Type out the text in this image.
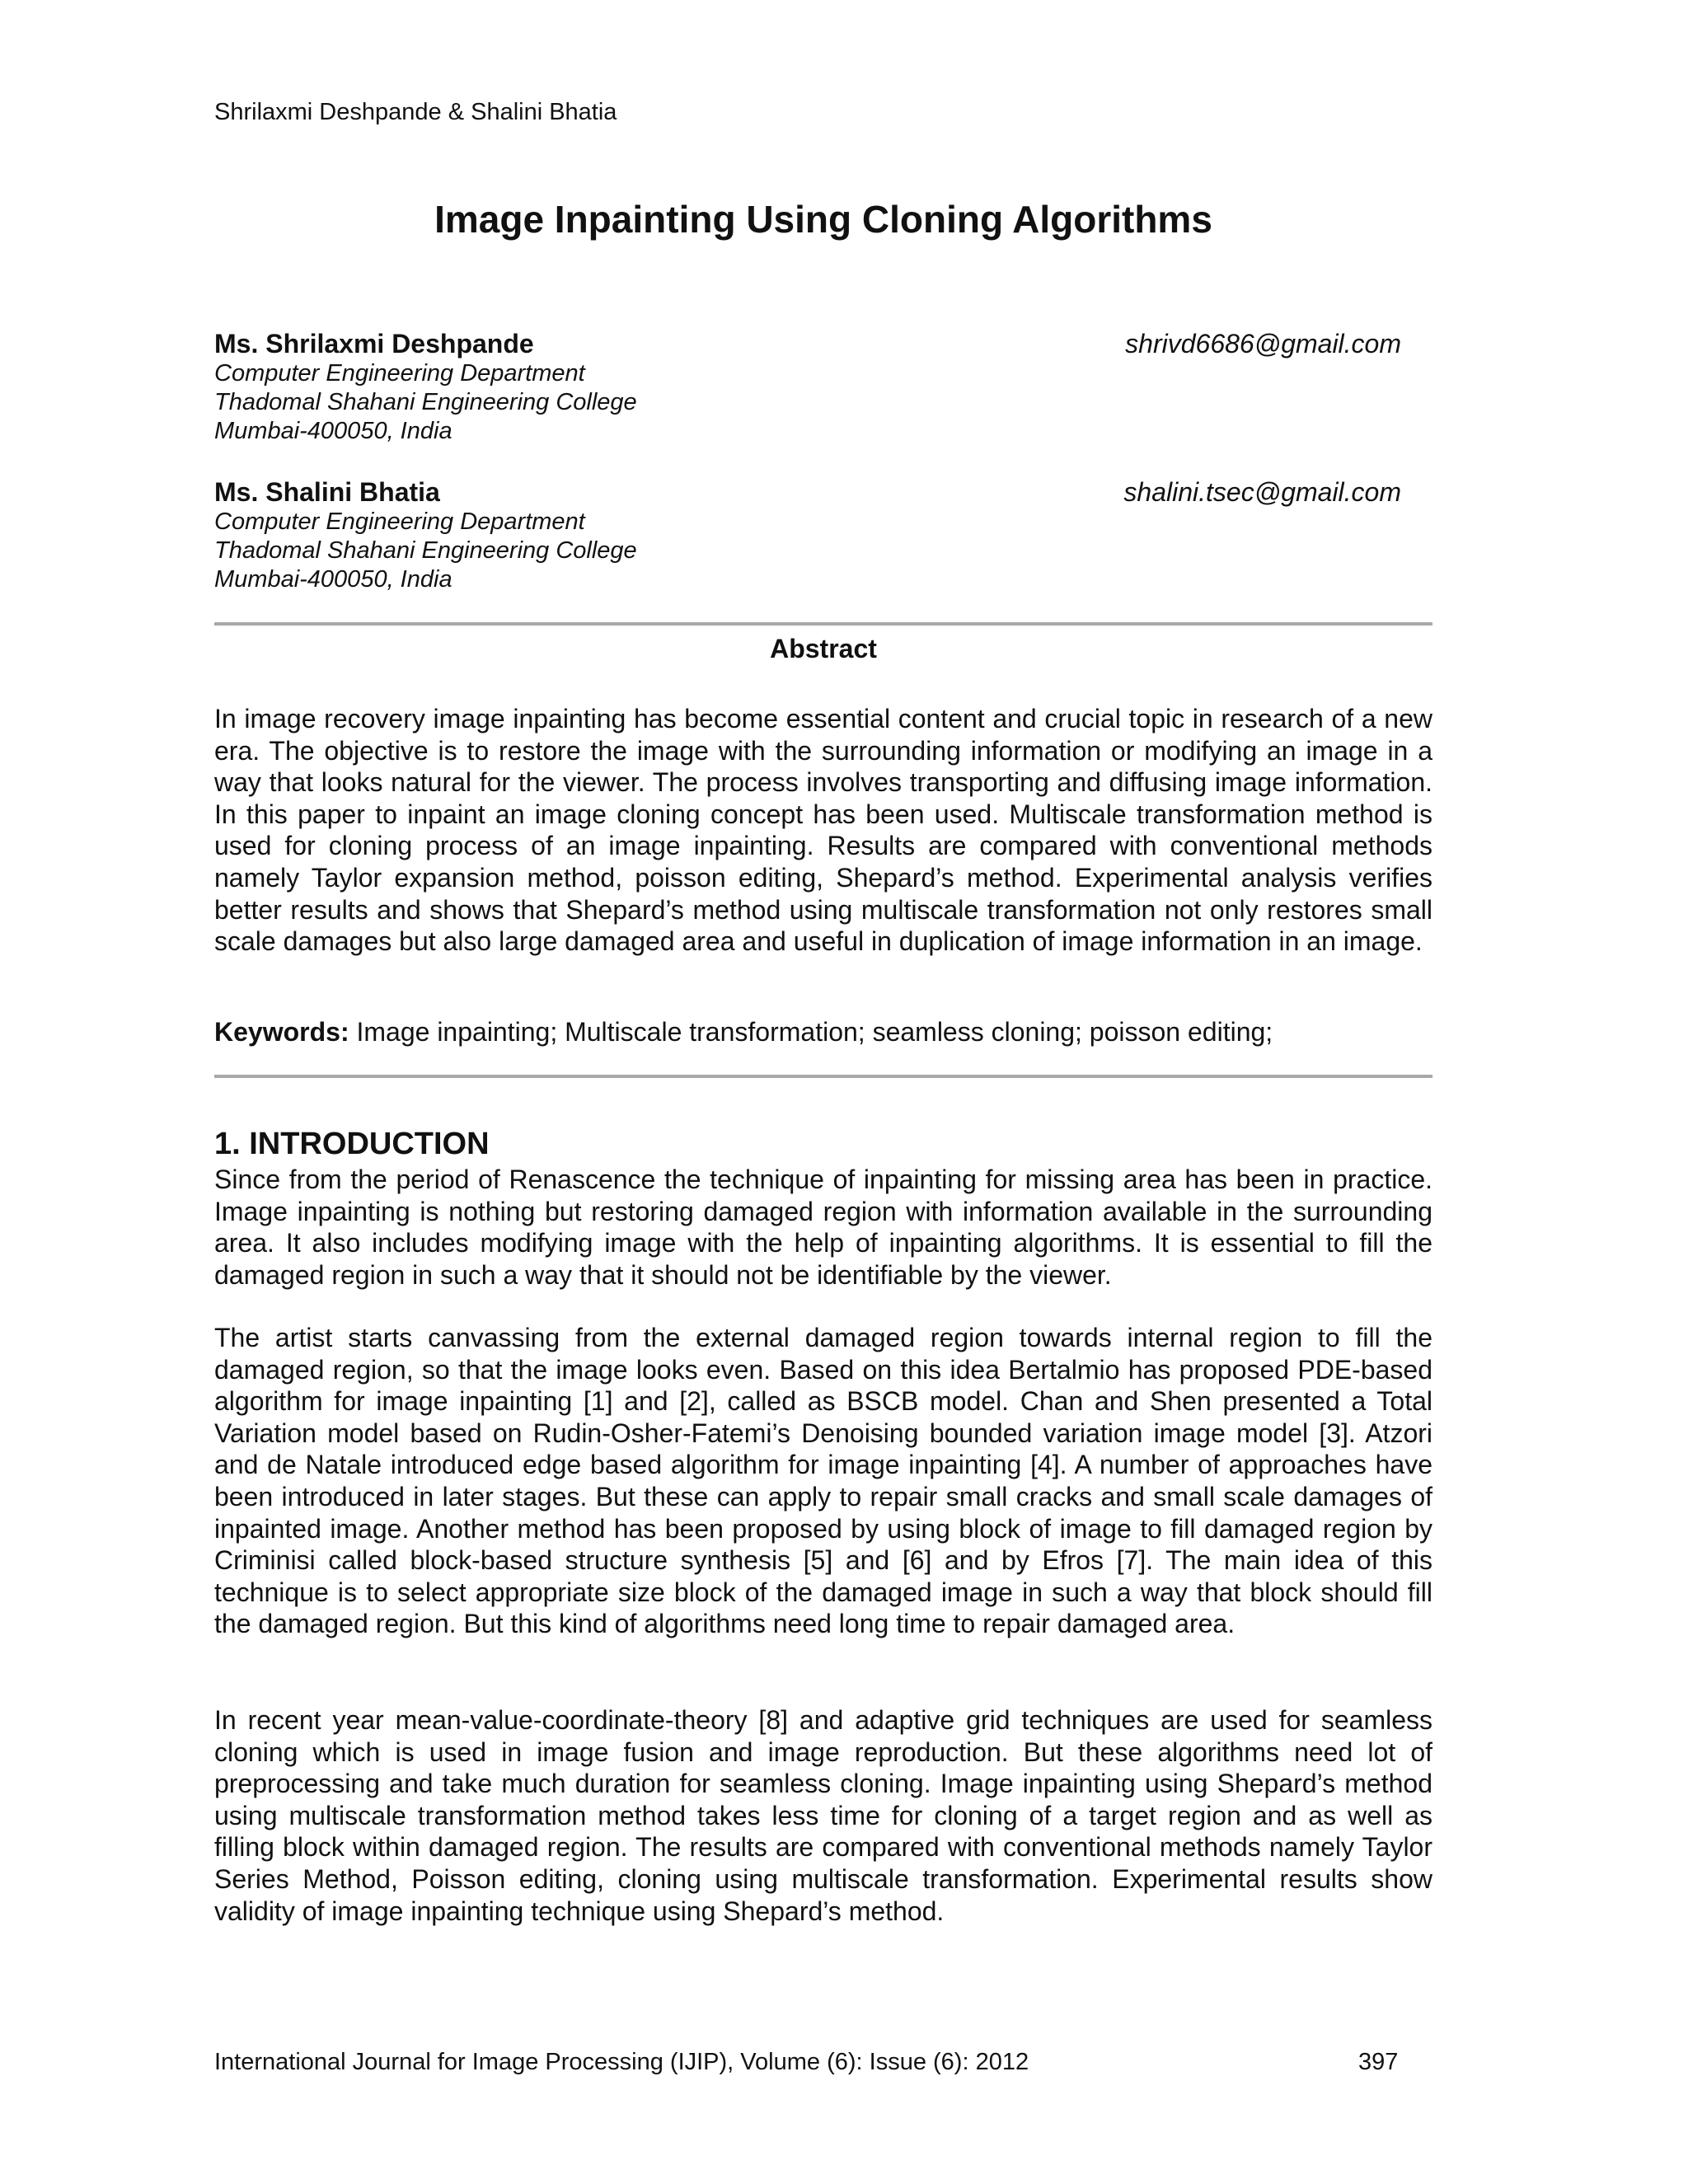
Shrilaxmi Deshpande & Shalini Bhatia
Image Inpainting Using Cloning Algorithms
Ms. Shrilaxmi Deshpande	shrivd6686@gmail.com
Computer Engineering Department
Thadomal Shahani Engineering College
Mumbai-400050, India
Ms. Shalini Bhatia	shalini.tsec@gmail.com
Computer Engineering Department
Thadomal Shahani Engineering College
Mumbai-400050, India
Abstract

In image recovery image inpainting has become essential content and crucial topic in research of a new era. The objective is to restore the image with the surrounding information or modifying an image in a way that looks natural for the viewer. The process involves transporting and diffusing image information. In this paper to inpaint an image cloning concept has been used. Multiscale transformation method is used for cloning process of an image inpainting. Results are compared with conventional methods namely Taylor expansion method, poisson editing, Shepard’s method. Experimental analysis verifies better results and shows that Shepard’s method using multiscale transformation not only restores small scale damages but also large damaged area and useful in duplication of image information in an image.

Keywords: Image inpainting; Multiscale transformation; seamless cloning; poisson editing;

1. INTRODUCTION

Since from the period of Renascence the technique of inpainting for missing area has been in practice. Image inpainting is nothing but restoring damaged region with information available in the surrounding area. It also includes modifying image with the help of inpainting algorithms. It is essential to fill the damaged region in such a way that it should not be identifiable by the viewer.

The artist starts canvassing from the external damaged region towards internal region to fill the damaged region, so that the image looks even. Based on this idea Bertalmio has proposed PDE-based algorithm for image inpainting [1] and [2], called as BSCB model. Chan and Shen presented a Total Variation model based on Rudin-Osher-Fatemi’s Denoising bounded variation image model [3]. Atzori and de Natale introduced edge based algorithm for image inpainting [4]. A number of approaches have been introduced in later stages. But these can apply to repair small cracks and small scale damages of inpainted image. Another method has been proposed by using block of image to fill damaged region by Criminisi called block-based structure synthesis [5] and [6] and by Efros [7]. The main idea of this technique is to select appropriate size block of the damaged image in such a way that block should fill the damaged region. But this kind of algorithms need long time to repair damaged area.

In recent year mean-value-coordinate-theory [8] and adaptive grid techniques are used for seamless cloning which is used in image fusion and image reproduction. But these algorithms need lot of preprocessing and take much duration for seamless cloning. Image inpainting using Shepard’s method using multiscale transformation method takes less time for cloning of a target region and as well as filling block within damaged region. The results are compared with conventional methods namely Taylor Series Method, Poisson editing, cloning using multiscale transformation. Experimental results show validity of image inpainting technique using Shepard’s method.

International Journal for Image Processing (IJIP), Volume (6): Issue (6): 2012	397
